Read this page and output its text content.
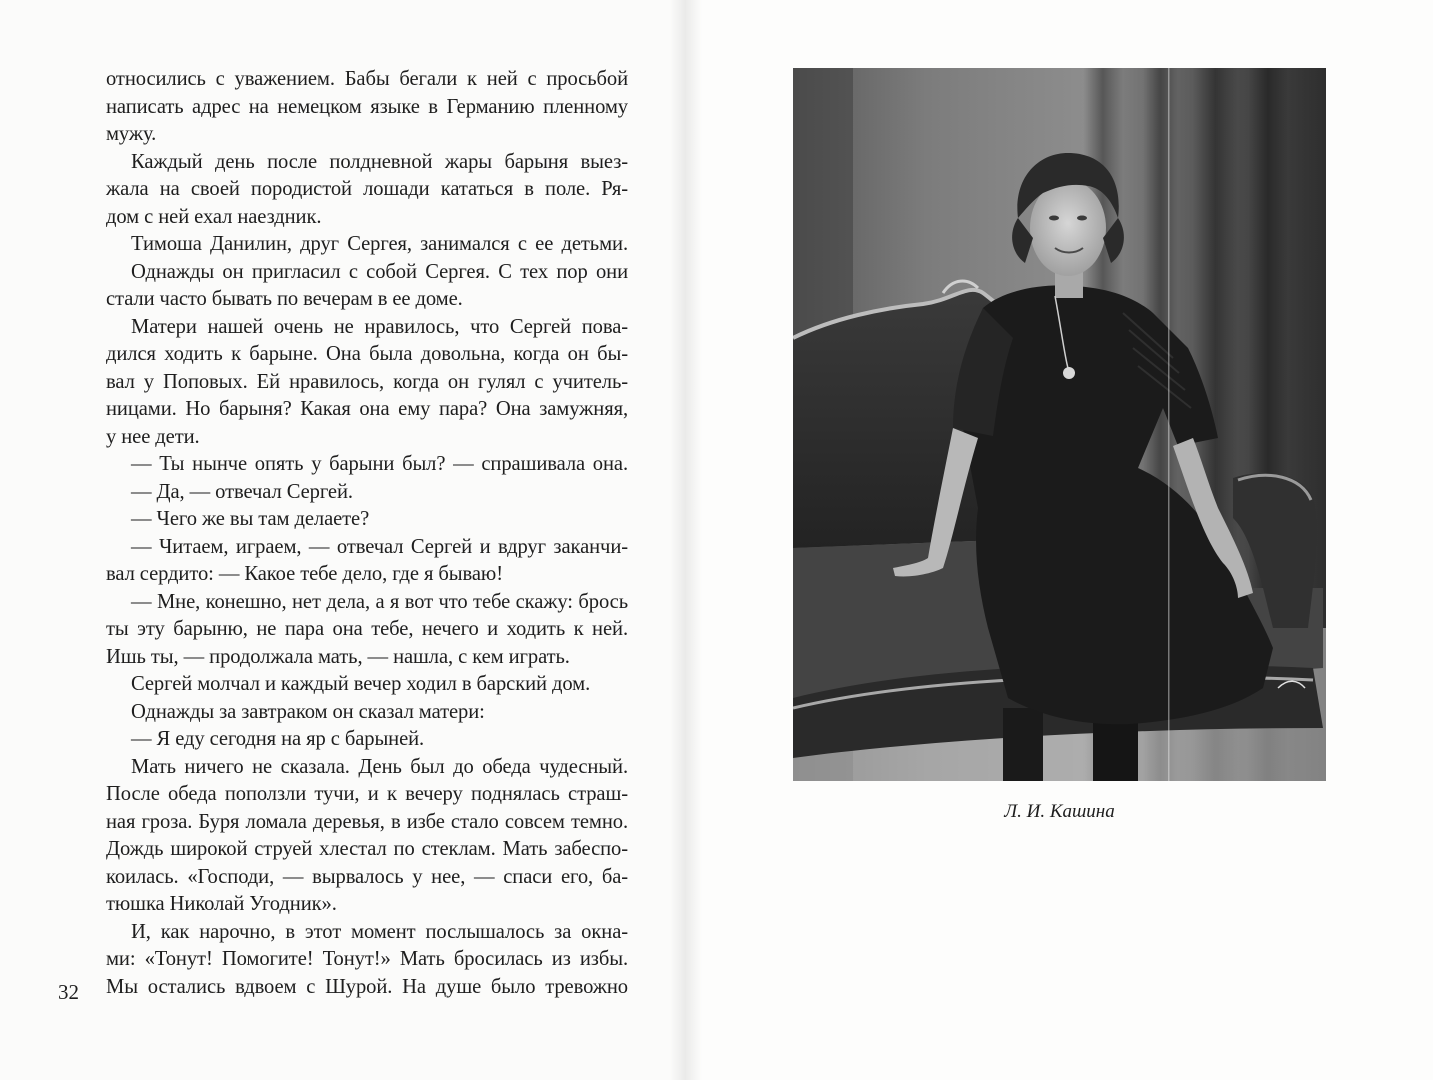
относились с уважением. Бабы бегали к ней с просьбой
написать адрес на немецком языке в Германию пленному
мужу.
Каждый день после полдневной жары барыня выез-
жала на своей породистой лошади кататься в поле. Ря-
дом с ней ехал наездник.
Тимоша Данилин, друг Сергея, занимался с ее детьми.
Однажды он пригласил с собой Сергея. С тех пор они
стали часто бывать по вечерам в ее доме.
Матери нашей очень не нравилось, что Сергей пова-
дился ходить к барыне. Она была довольна, когда он бы-
вал у Поповых. Ей нравилось, когда он гулял с учитель-
ницами. Но барыня? Какая она ему пара? Она замужняя,
у нее дети.
— Ты нынче опять у барыни был? — спрашивала она.
— Да, — отвечал Сергей.
— Чего же вы там делаете?
— Читаем, играем, — отвечал Сергей и вдруг заканчи-
вал сердито: — Какое тебе дело, где я бываю!
— Мне, конешно, нет дела, а я вот что тебе скажу: брось
ты эту барыню, не пара она тебе, нечего и ходить к ней.
Ишь ты, — продолжала мать, — нашла, с кем играть.
Сергей молчал и каждый вечер ходил в барский дом.
Однажды за завтраком он сказал матери:
— Я еду сегодня на яр с барыней.
Мать ничего не сказала. День был до обеда чудесный.
После обеда поползли тучи, и к вечеру поднялась страш-
ная гроза. Буря ломала деревья, в избе стало совсем темно.
Дождь широкой струей хлестал по стеклам. Мать забеспо-
коилась. «Господи, — вырвалось у нее, — спаси его, ба-
тюшка Николай Угодник».
И, как нарочно, в этот момент послышалось за окна-
ми: «Тонут! Помогите! Тонут!» Мать бросилась из избы.
Мы остались вдвоем с Шурой. На душе было тревожно
32
Л. И. Кашина
